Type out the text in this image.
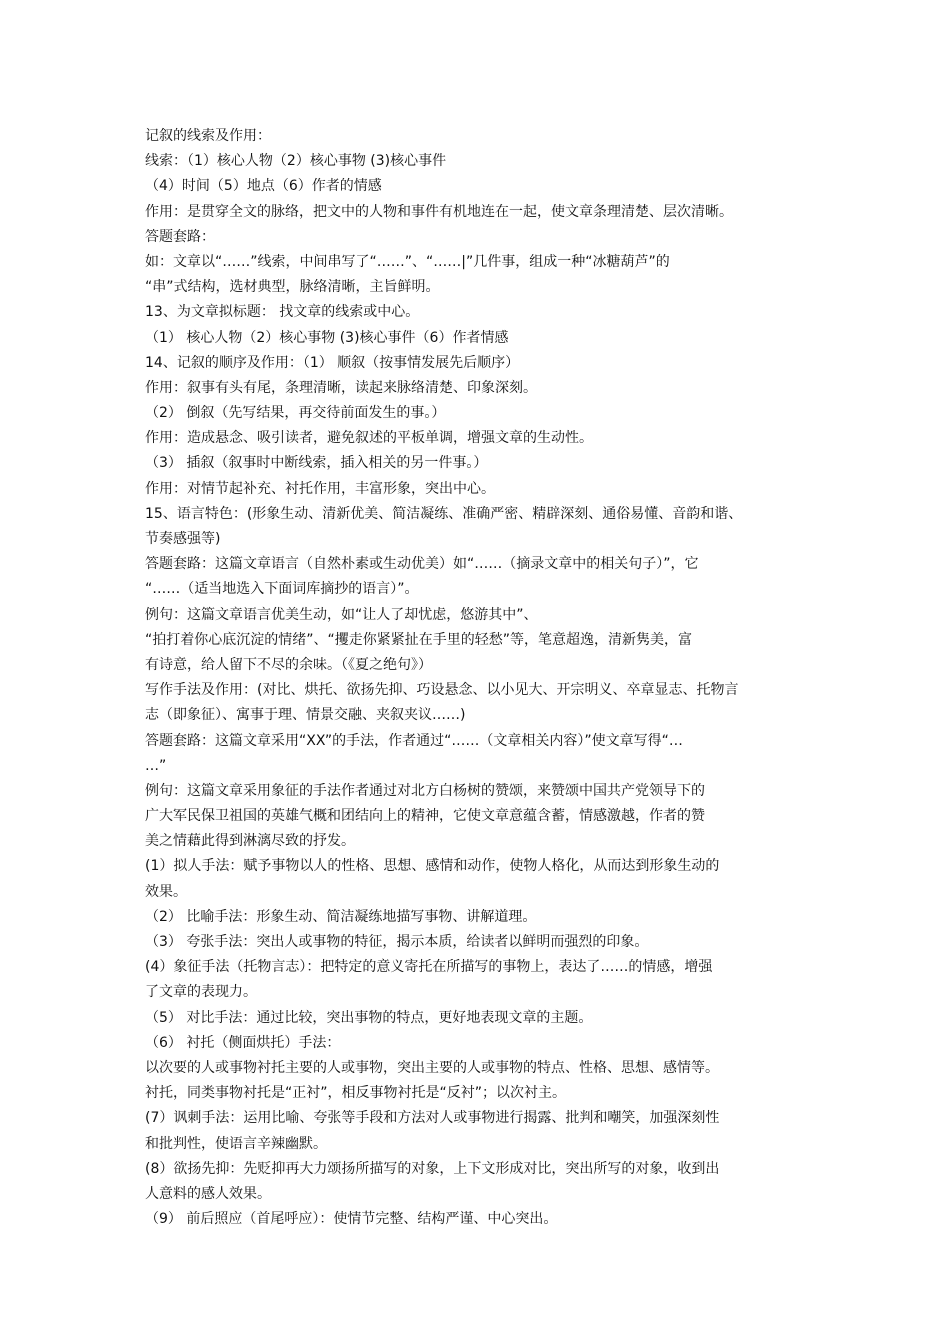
记叙的线索及作用：
线索：（1）核心人物（2）核心事物 (3)核心事件
（4）时间（5）地点（6）作者的情感
作用：是贯穿全文的脉络，把文中的人物和事件有机地连在一起，使文章条理清楚、层次清晰。
答题套路：
如：文章以“……”线索，中间串写了“……”、“……|”几件事，组成一种“冰糖葫芦”的
“串”式结构，选材典型，脉络清晰，主旨鲜明。
13、为文章拟标题： 找文章的线索或中心。
（1） 核心人物（2）核心事物 (3)核心事件（6）作者情感
14、记叙的顺序及作用：（1） 顺叙（按事情发展先后顺序）
作用：叙事有头有尾，条理清晰，读起来脉络清楚、印象深刻。
（2） 倒叙（先写结果，再交待前面发生的事。）
作用：造成悬念、吸引读者，避免叙述的平板单调，增强文章的生动性。
（3） 插叙（叙事时中断线索，插入相关的另一件事。）
作用：对情节起补充、衬托作用，丰富形象，突出中心。
15、语言特色：(形象生动、清新优美、简洁凝练、准确严密、精辟深刻、通俗易懂、音韵和谐、
节奏感强等)
答题套路：这篇文章语言（自然朴素或生动优美）如“……（摘录文章中的相关句子）”，它
“……（适当地选入下面词库摘抄的语言）”。
例句：这篇文章语言优美生动，如“让人了却忧虑，悠游其中”、
“拍打着你心底沉淀的情绪”、“攫走你紧紧扯在手里的轻愁”等，笔意超逸，清新隽美，富
有诗意，给人留下不尽的余味。（《夏之绝句》）
写作手法及作用：(对比、烘托、欲扬先抑、巧设悬念、以小见大、开宗明义、卒章显志、托物言
志（即象征）、寓事于理、情景交融、夹叙夹议……)
答题套路：这篇文章采用“XX”的手法，作者通过“……（文章相关内容）”使文章写得“…
…”
例句：这篇文章采用象征的手法作者通过对北方白杨树的赞颂，来赞颂中国共产党领导下的
广大军民保卫祖国的英雄气概和团结向上的精神，它使文章意蕴含蓄，情感激越，作者的赞
美之情藉此得到淋漓尽致的抒发。
(1）拟人手法：赋予事物以人的性格、思想、感情和动作，使物人格化，从而达到形象生动的
效果。
（2） 比喻手法：形象生动、简洁凝练地描写事物、讲解道理。
（3） 夸张手法：突出人或事物的特征，揭示本质，给读者以鲜明而强烈的印象。
(4）象征手法（托物言志）：把特定的意义寄托在所描写的事物上，表达了……的情感，增强
了文章的表现力。
（5） 对比手法：通过比较，突出事物的特点，更好地表现文章的主题。
（6） 衬托（侧面烘托）手法：
以次要的人或事物衬托主要的人或事物，突出主要的人或事物的特点、性格、思想、感情等。
衬托，同类事物衬托是“正衬”，相反事物衬托是“反衬”；以次衬主。
(7）讽刺手法：运用比喻、夸张等手段和方法对人或事物进行揭露、批判和嘲笑，加强深刻性
和批判性，使语言辛辣幽默。
(8）欲扬先抑：先贬抑再大力颂扬所描写的对象，上下文形成对比，突出所写的对象，收到出
人意料的感人效果。
（9） 前后照应（首尾呼应）：使情节完整、结构严谨、中心突出。
